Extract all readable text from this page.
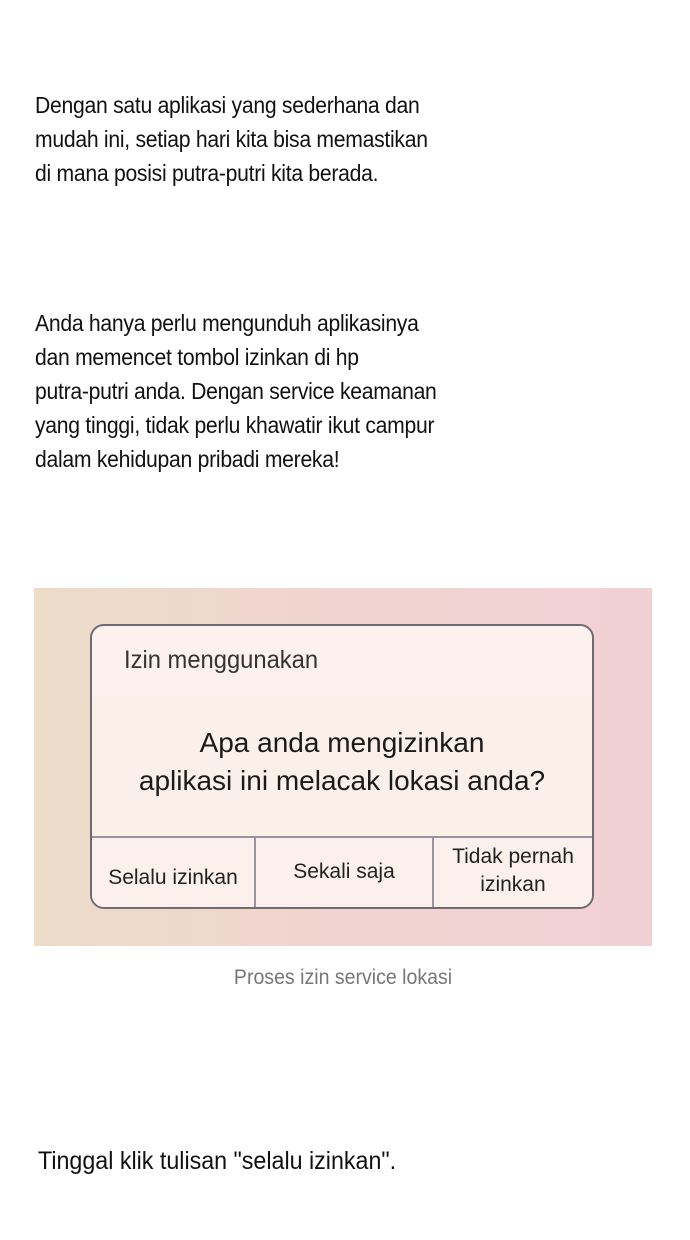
Dengan satu aplikasi yang sederhana dan
mudah ini, setiap hari kita bisa memastikan
di mana posisi putra-putri kita berada.
Anda hanya perlu mengunduh aplikasinya
dan memencet tombol izinkan di hp
putra-putri anda. Dengan service keamanan
yang tinggi, tidak perlu khawatir ikut campur
dalam kehidupan pribadi mereka!
Izin menggunakan
Apa anda mengizinkan
aplikasi ini melacak lokasi anda?
Selalu izinkan	Sekali saja
Tidak pernah
izinkan
Proses izin service lokasi
Tinggal klik tulisan "selalu izinkan".
